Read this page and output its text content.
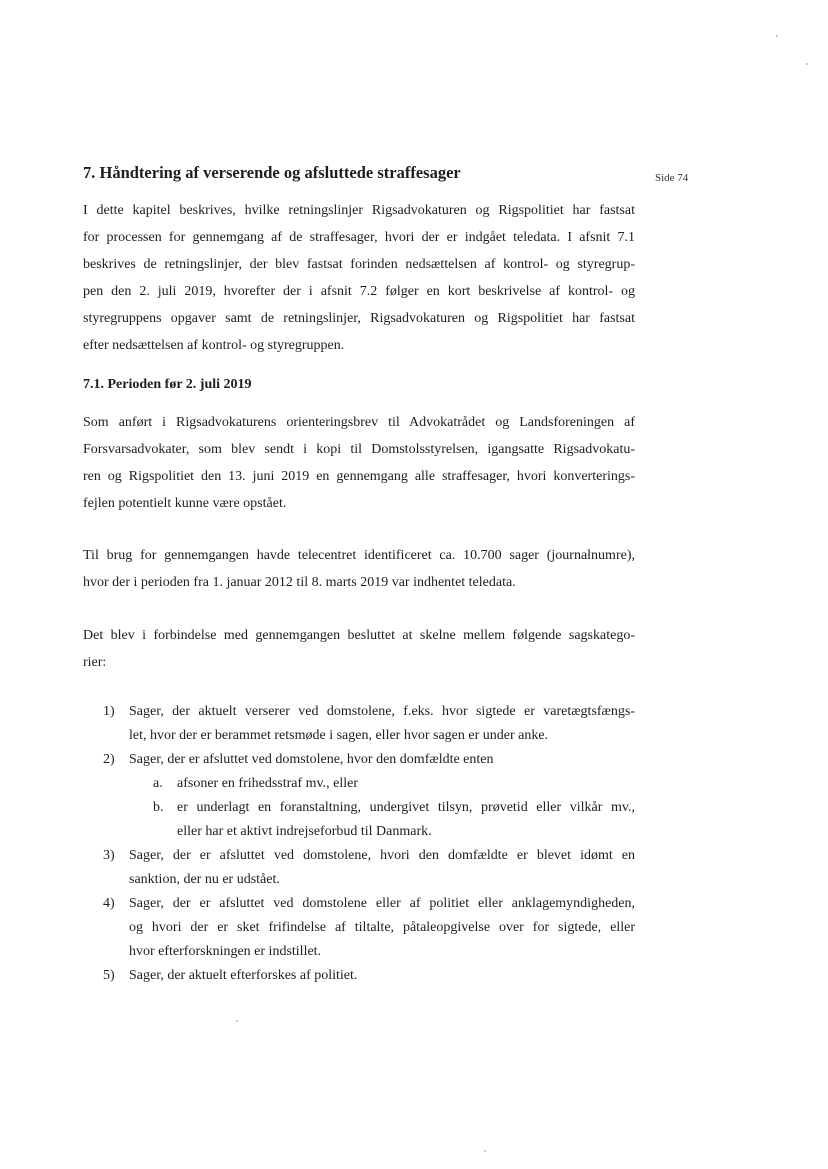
Side 74
7. Håndtering af verserende og afsluttede straffesager

I dette kapitel beskrives, hvilke retningslinjer Rigsadvokaturen og Rigspolitiet har fastsat
for processen for gennemgang af de straffesager, hvori der er indgået teledata. I afsnit 7.1
beskrives de retningslinjer, der blev fastsat forinden nedsættelsen af kontrol- og styregrup-
pen den 2. juli 2019, hvorefter der i afsnit 7.2 følger en kort beskrivelse af kontrol- og
styregruppens opgaver samt de retningslinjer, Rigsadvokaturen og Rigspolitiet har fastsat
efter nedsættelsen af kontrol- og styregruppen.

7.1. Perioden før 2. juli 2019

Som anført i Rigsadvokaturens orienteringsbrev til Advokatrådet og Landsforeningen af
Forsvarsadvokater, som blev sendt i kopi til Domstolsstyrelsen, igangsatte Rigsadvokatu-
ren og Rigspolitiet den 13. juni 2019 en gennemgang alle straffesager, hvori konverterings-
fejlen potentielt kunne være opstået.

Til brug for gennemgangen havde telecentret identificeret ca. 10.700 sager (journalnumre),
hvor der i perioden fra 1. januar 2012 til 8. marts 2019 var indhentet teledata.

Det blev i forbindelse med gennemgangen besluttet at skelne mellem følgende sagskatego-
rier:

1) Sager, der aktuelt verserer ved domstolene, f.eks. hvor sigtede er varetægtsfængs-
let, hvor der er berammet retsmøde i sagen, eller hvor sagen er under anke.
2) Sager, der er afsluttet ved domstolene, hvor den domfældte enten
a. afsoner en frihedsstraf mv., eller
b. er underlagt en foranstaltning, undergivet tilsyn, prøvetid eller vilkår mv.,
eller har et aktivt indrejseforbud til Danmark.
3) Sager, der er afsluttet ved domstolene, hvori den domfældte er blevet idømt en
sanktion, der nu er udstået.
4) Sager, der er afsluttet ved domstolene eller af politiet eller anklagemyndigheden,
og hvori der er sket frifindelse af tiltalte, påtaleopgivelse over for sigtede, eller
hvor efterforskningen er indstillet.
5) Sager, der aktuelt efterforskes af politiet.
